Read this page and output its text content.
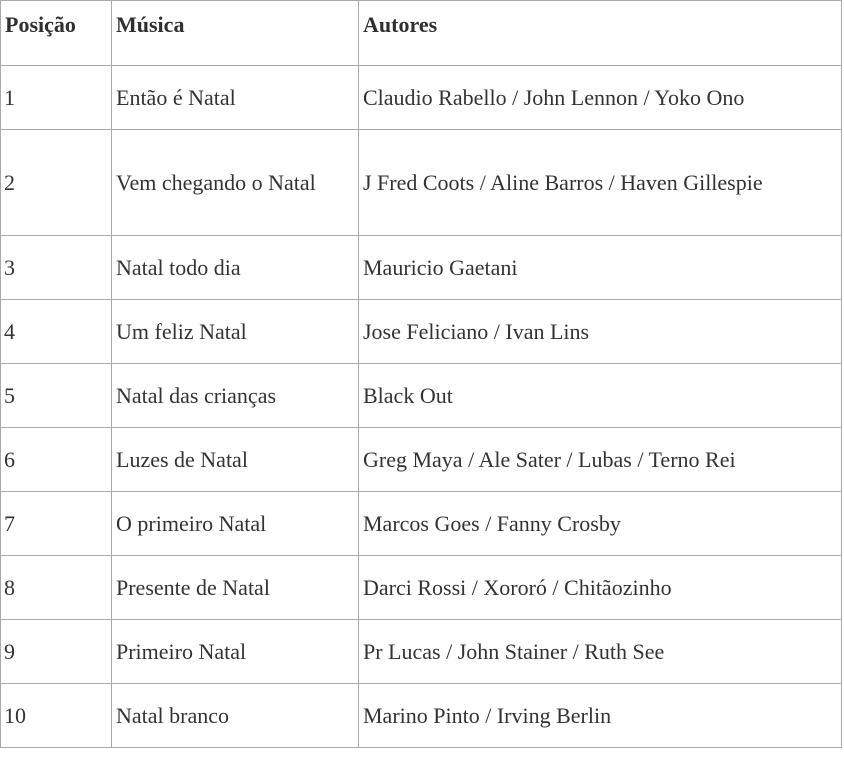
Posição	Música	Autores
1	Então é Natal	Claudio Rabello / John Lennon / Yoko Ono
2	Vem chegando o Natal	J Fred Coots / Aline Barros / Haven Gillespie
3	Natal todo dia	Mauricio Gaetani
4	Um feliz Natal	Jose Feliciano / Ivan Lins
5	Natal das crianças	Black Out
6	Luzes de Natal	Greg Maya / Ale Sater / Lubas / Terno Rei
7	O primeiro Natal	Marcos Goes / Fanny Crosby
8	Presente de Natal	Darci Rossi / Xororó / Chitãozinho
9	Primeiro Natal	Pr Lucas / John Stainer / Ruth See
10	Natal branco	Marino Pinto / Irving Berlin
